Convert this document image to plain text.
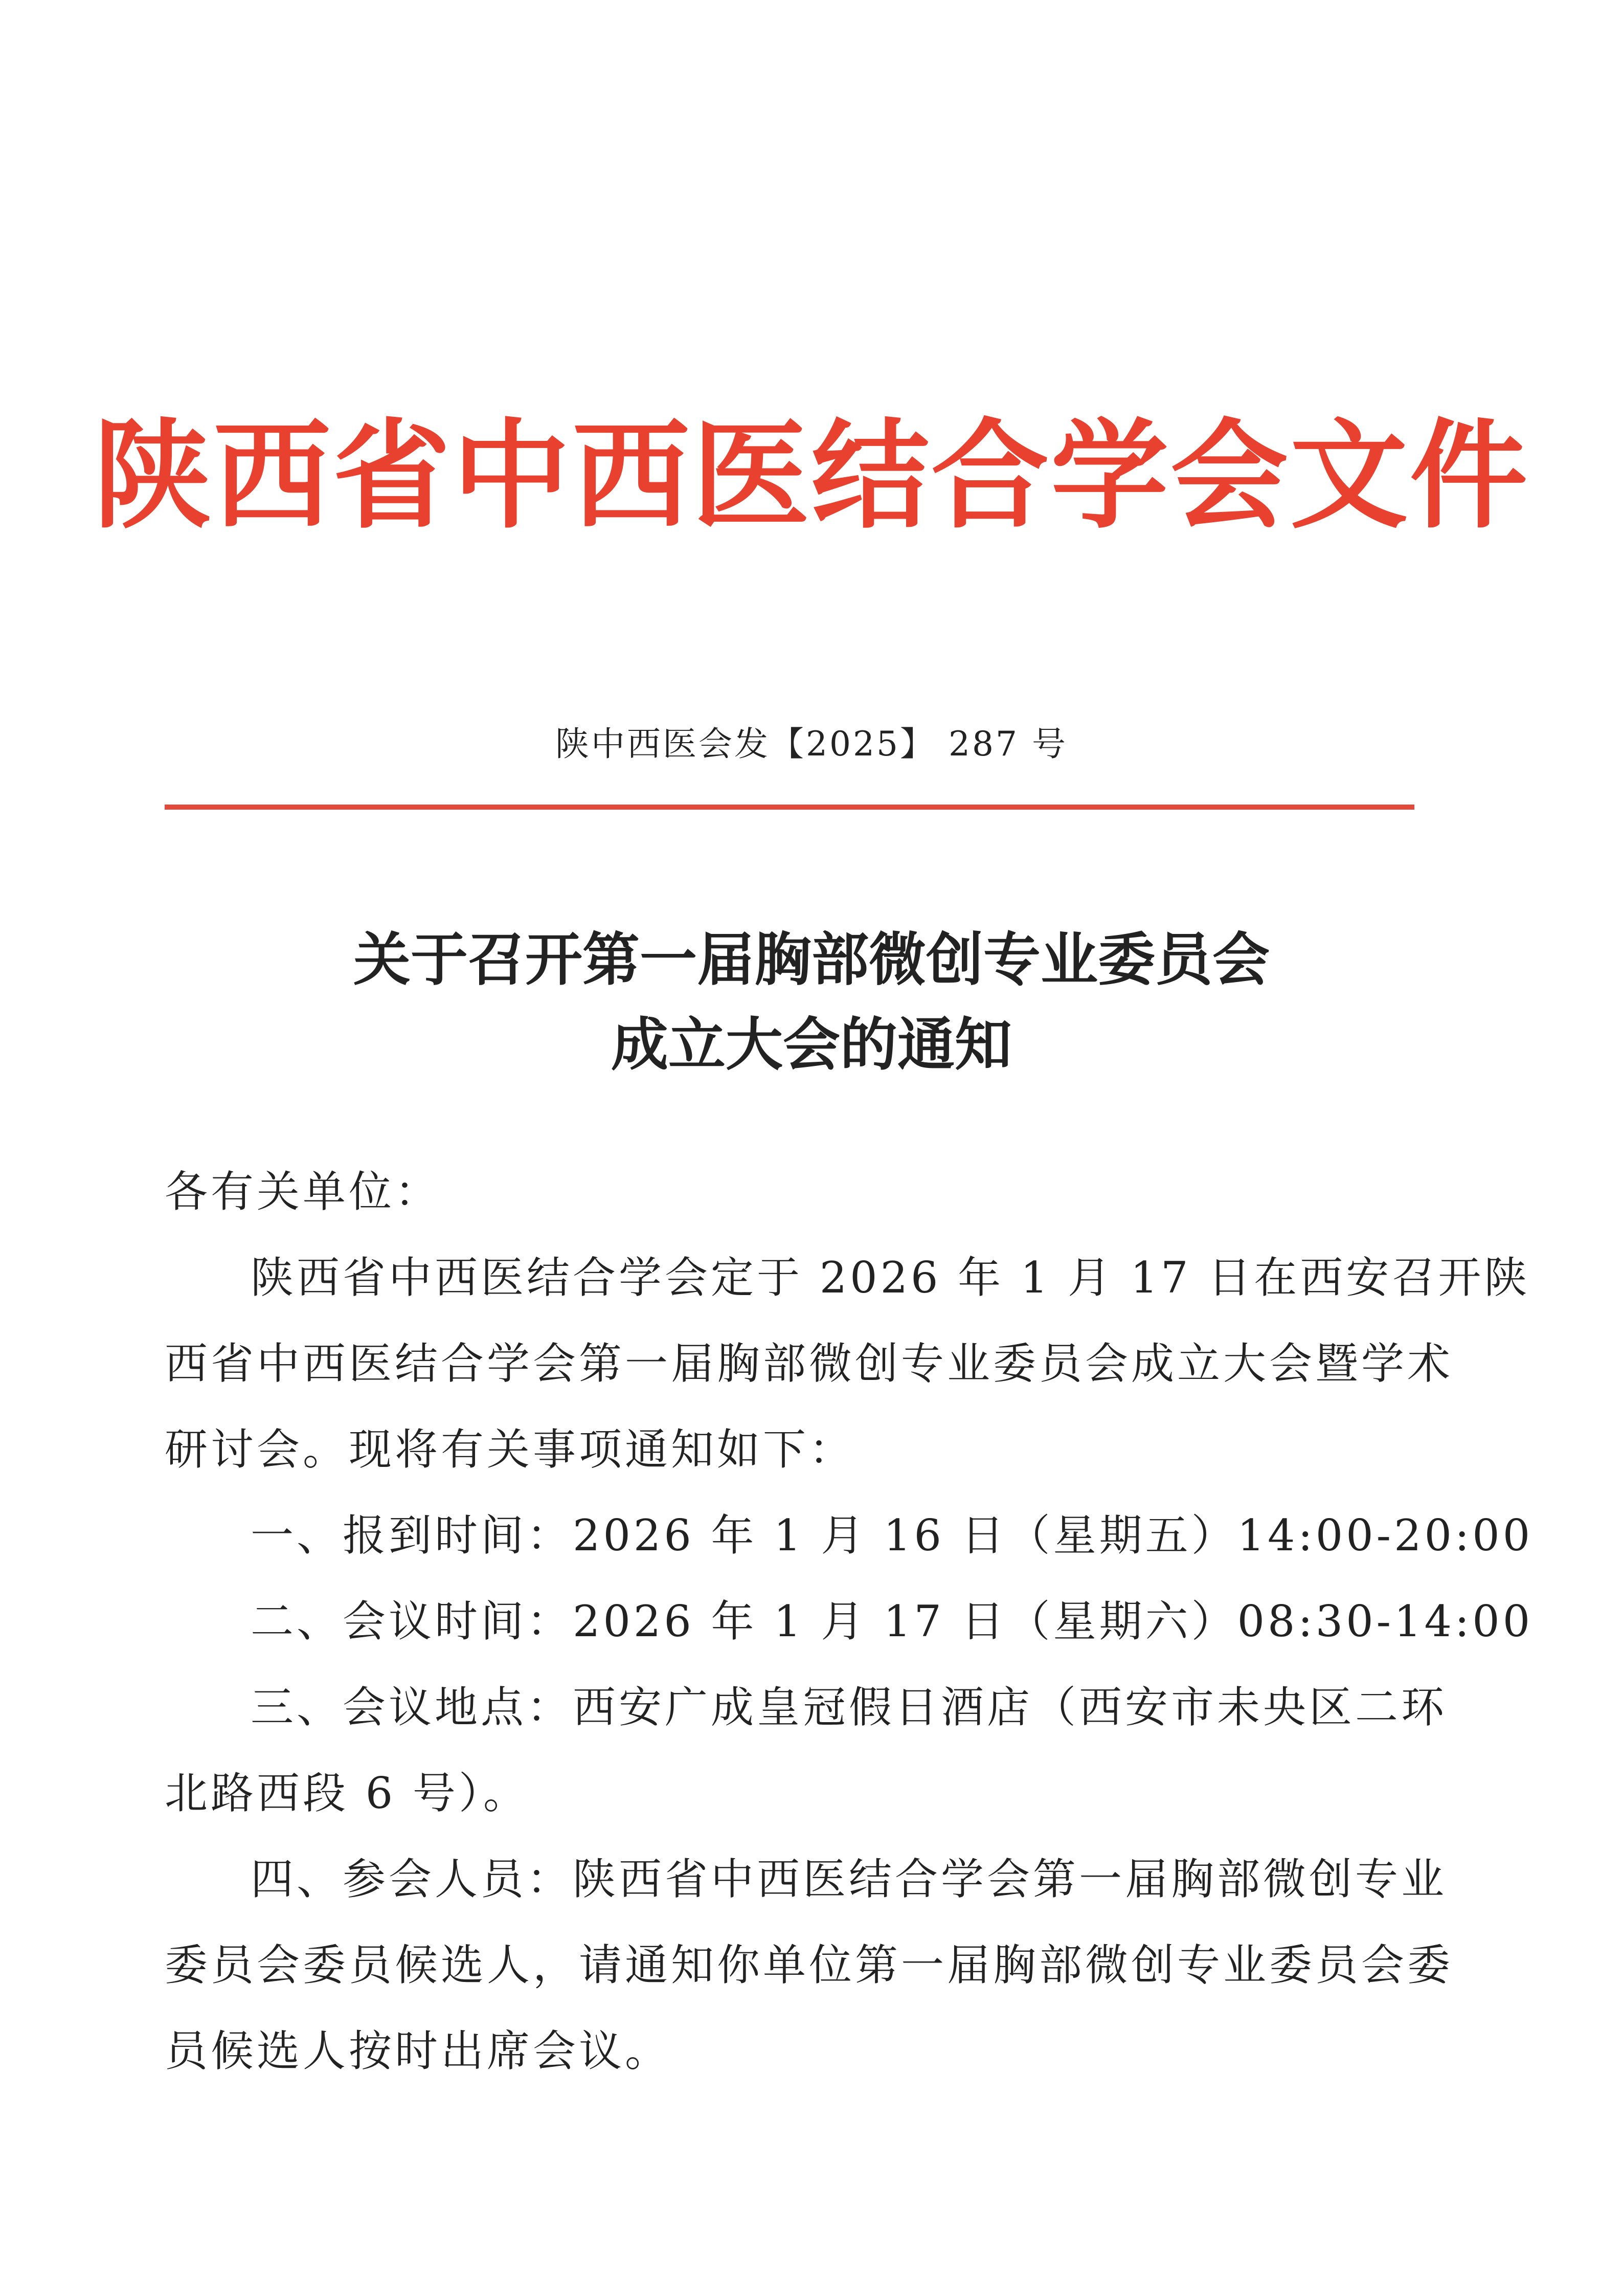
陕西省中西医结合学会文件
陕中西医会发【2025】 287 号
关于召开第一届胸部微创专业委员会
成立大会的通知
各有关单位：
陕西省中西医结合学会定于 2026 年 1 月 17 日在西安召开陕
西省中西医结合学会第一届胸部微创专业委员会成立大会暨学术
研讨会。现将有关事项通知如下：
一、报到时间：2026 年 1 月 16 日（星期五）14:00-20:00
二、会议时间：2026 年 1 月 17 日（星期六）08:30-14:00
三、会议地点：西安广成皇冠假日酒店（西安市未央区二环
北路西段 6 号）。
四、参会人员：陕西省中西医结合学会第一届胸部微创专业
委员会委员候选人，请通知你单位第一届胸部微创专业委员会委
员候选人按时出席会议。
